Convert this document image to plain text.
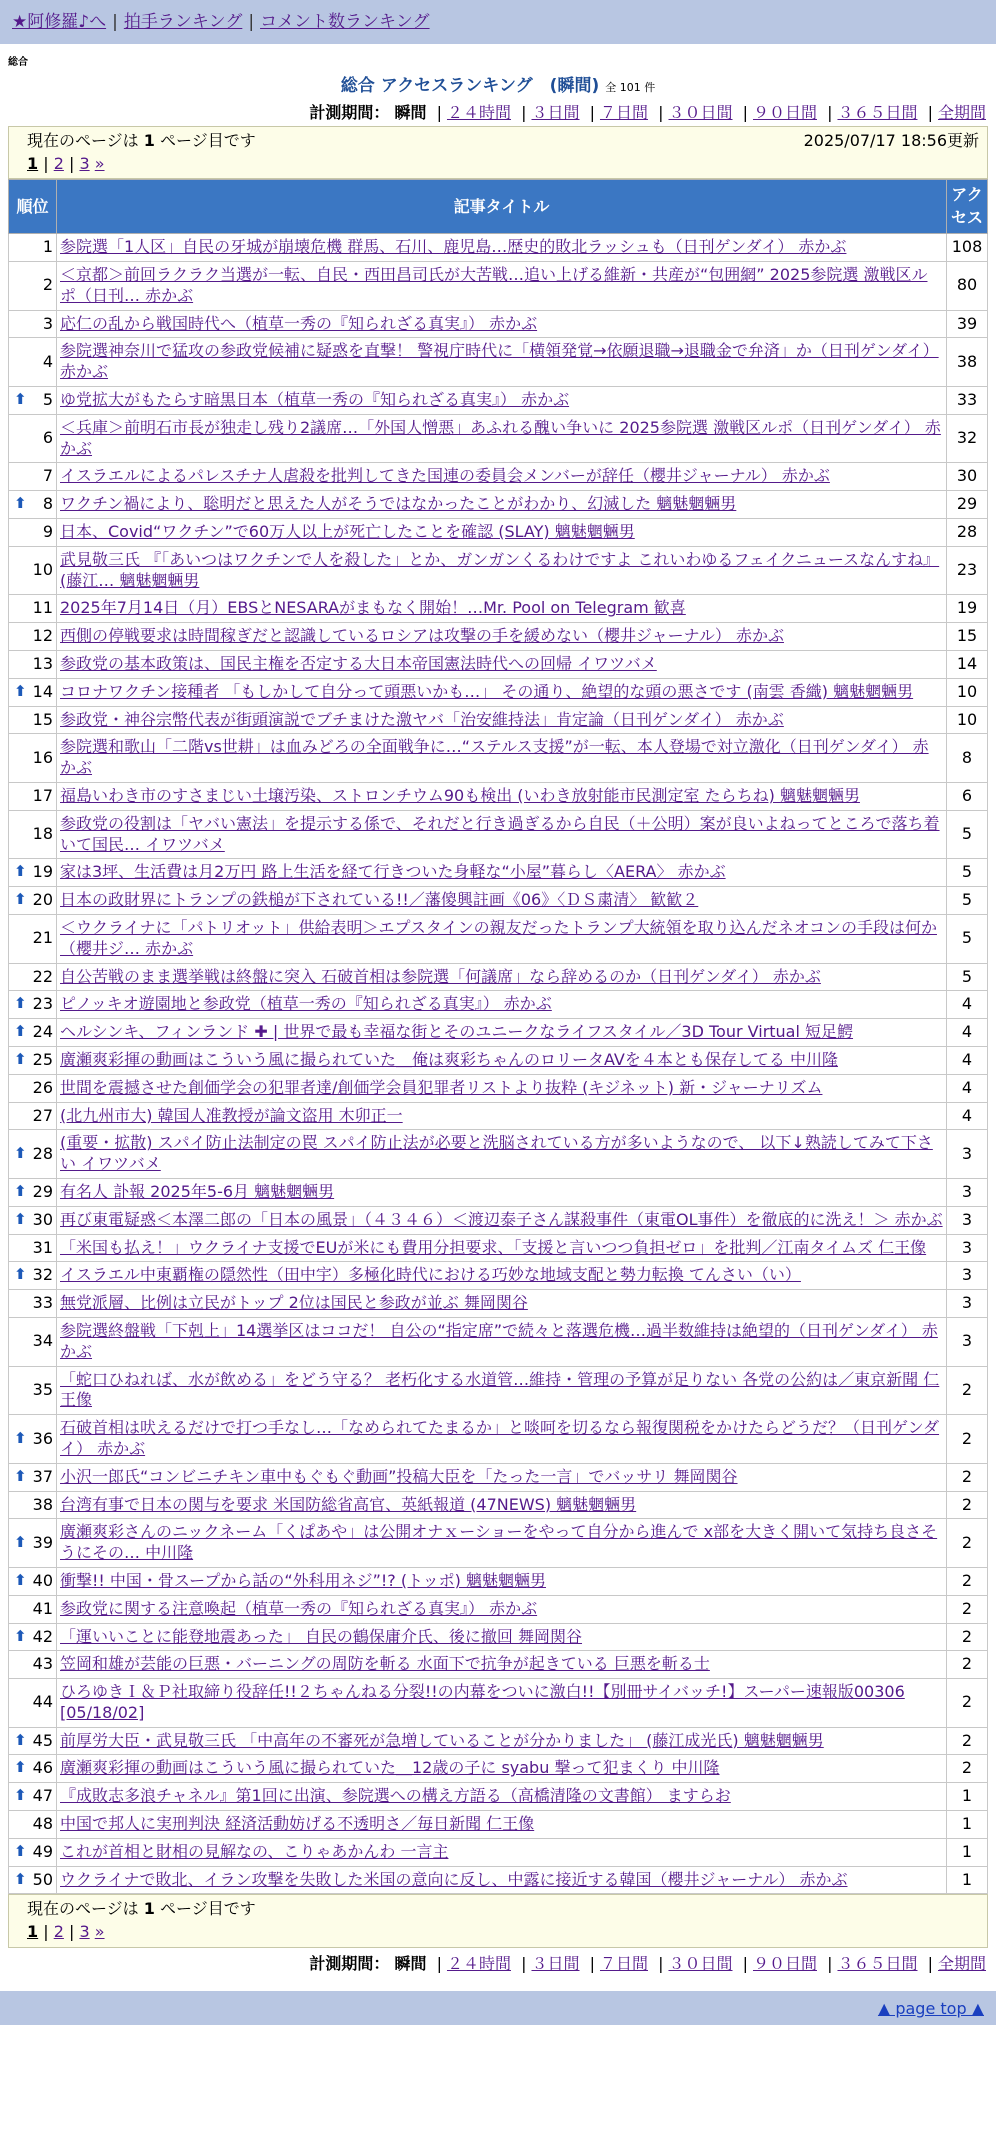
★阿修羅♪へ | 拍手ランキング | コメント数ランキング
総合
総合 アクセスランキング　(瞬間) 全 101 件
計測期間： 瞬間 | ２４時間 | ３日間 | ７日間 | ３０日間 | ９０日間 | ３６５日間 | 全期間
現在のページは 1 ページ目です	2025/07/17 18:56更新
1 | 2 | 3 »
順位	記事タイトル	アクセス
1	参院選「1人区」自民の牙城が崩壊危機 群馬、石川、鹿児島…歴史的敗北ラッシュも（日刊ゲンダイ） 赤かぶ	108
2	＜京都＞前回ラクラク当選が一転、自民・西田昌司氏が大苦戦…追い上げる維新・共産が“包囲網” 2025参院選 激戦区ルポ（日刊… 赤かぶ	80
3	応仁の乱から戦国時代へ（植草一秀の『知られざる真実』） 赤かぶ	39
4	参院選神奈川で猛攻の参政党候補に疑惑を直撃！ 警視庁時代に「横領発覚→依願退職→退職金で弁済」か（日刊ゲンダイ） 赤かぶ	38

⬆ 5	ゆ党拡大がもたらす暗黒日本（植草一秀の『知られざる真実』） 赤かぶ	33
6	＜兵庫＞前明石市長が独走し残り2議席…「外国人憎悪」あふれる醜い争いに 2025参院選 激戦区ルポ（日刊ゲンダイ） 赤かぶ	32
7	イスラエルによるパレスチナ人虐殺を批判してきた国連の委員会メンバーが辞任（櫻井ジャーナル） 赤かぶ	30

⬆ 8	ワクチン禍により、聡明だと思えた人がそうではなかったことがわかり、幻滅した 魑魅魍魎男	29
9	日本、Covid“ワクチン”で60万人以上が死亡したことを確認 (SLAY) 魑魅魍魎男	28
10	武見敬三氏 『「あいつはワクチンで人を殺した」とか、ガンガンくるわけですよ これいわゆるフェイクニュースなんすね』 (藤江… 魑魅魍魎男	23
11	2025年7月14日（月）EBSとNESARAがまもなく開始！…Mr. Pool on Telegram 歓喜	19
12	西側の停戦要求は時間稼ぎだと認識しているロシアは攻撃の手を緩めない（櫻井ジャーナル） 赤かぶ	15
13	参政党の基本政策は、国民主権を否定する大日本帝国憲法時代への回帰 イワツバメ	14

⬆ 14	コロナワクチン接種者 「もしかして自分って頭悪いかも…」 その通り、絶望的な頭の悪さです (南雲 香織) 魑魅魍魎男	10
15	参政党・神谷宗幣代表が街頭演説でブチまけた激ヤバ「治安維持法」肯定論（日刊ゲンダイ） 赤かぶ	10
16	参院選和歌山「二階vs世耕」は血みどろの全面戦争に…“ステルス支援”が一転、本人登場で対立激化（日刊ゲンダイ） 赤かぶ	8
17	福島いわき市のすさまじい土壌汚染、ストロンチウム90も検出 (いわき放射能市民測定室 たらちね) 魑魅魍魎男	6
18	参政党の役割は「ヤバい憲法」を提示する係で、それだと行き過ぎるから自民（＋公明）案が良いよねってところで落ち着いて国民… イワツバメ	5

⬆ 19	家は3坪、生活費は月2万円 路上生活を経て行きついた身軽な“小屋”暮らし〈AERA〉 赤かぶ	5

⬆ 20	日本の政財界にトランプの鉄槌が下されている!!／藩傻興註画《06》〈ＤＳ粛清〉 歓歓２	5
21	＜ウクライナに「パトリオット」供給表明＞エプスタインの親友だったトランプ大統領を取り込んだネオコンの手段は何か（櫻井ジ… 赤かぶ	5
22	自公苦戦のまま選挙戦は終盤に突入 石破首相は参院選「何議席」なら辞めるのか（日刊ゲンダイ） 赤かぶ	5

⬆ 23	ピノッキオ遊園地と参政党（植草一秀の『知られざる真実』） 赤かぶ	4

⬆ 24	ヘルシンキ、フィンランド ✚ | 世界で最も幸福な街とそのユニークなライフスタイル／3D Tour Virtual 短足鰐	4

⬆ 25	廣瀬爽彩揮の動画はこういう風に撮られていた＿俺は爽彩ちゃんのロリータAVを４本とも保存してる 中川隆	4
26	世間を震撼させた創価学会の犯罪者達/創価学会員犯罪者リストより抜粋 (キジネット) 新・ジャーナリズム	4
27	(北九州市大) 韓国人准教授が論文盗用 木卯正一	4

⬆ 28	(重要・拡散) スパイ防止法制定の罠 スパイ防止法が必要と洗脳されている方が多いようなので、 以下↓熟読してみて下さい イワツバメ	3

⬆ 29	有名人 訃報 2025年5-6月 魑魅魍魎男	3

⬆ 30	再び東電疑惑＜本澤二郎の「日本の風景」（４３４６）＜渡辺泰子さん謀殺事件（東電OL事件）を徹底的に洗え！＞ 赤かぶ	3
31	「米国も払え！」ウクライナ支援でEUが米にも費用分担要求、「支援と言いつつ負担ゼロ」を批判／江南タイムズ 仁王像	3

⬆ 32	イスラエル中東覇権の隠然性（田中宇）多極化時代における巧妙な地域支配と勢力転換 てんさい（い）	3
33	無党派層、比例は立民がトップ 2位は国民と参政が並ぶ 舞岡関谷	3
34	参院選終盤戦「下剋上」14選挙区はココだ！ 自公の“指定席”で続々と落選危機…過半数維持は絶望的（日刊ゲンダイ） 赤かぶ	3
35	「蛇口ひねれば、水が飲める」をどう守る？ 老朽化する水道管…維持・管理の予算が足りない 各党の公約は／東京新聞 仁王像	2

⬆ 36	石破首相は吠えるだけで打つ手なし…「なめられてたまるか」と啖呵を切るなら報復関税をかけたらどうだ？（日刊ゲンダイ） 赤かぶ	2

⬆ 37	小沢一郎氏“コンビニチキン車中もぐもぐ動画”投稿大臣を「たった一言」でバッサリ 舞岡関谷	2
38	台湾有事で日本の関与を要求 米国防総省高官、英紙報道 (47NEWS) 魑魅魍魎男	2

⬆ 39	廣瀬爽彩さんのニックネーム「くぱあや」は公開オナｘーショーをやって自分から進んで x部を大きく開いて気持ち良さそうにその… 中川隆	2

⬆ 40	衝撃!! 中国・骨スープから話の“外科用ネジ”!? (トッポ) 魑魅魍魎男	2
41	参政党に関する注意喚起（植草一秀の『知られざる真実』） 赤かぶ	2

⬆ 42	「運いいことに能登地震あった」 自民の鶴保庸介氏、後に撤回 舞岡関谷	2
43	笠岡和雄が芸能の巨悪・バーニングの周防を斬る 水面下で抗争が起きている 巨悪を斬る士	2
44	ひろゆきＩ＆Ｐ社取締り役辞任!!２ちゃんねる分裂!!の内幕をついに激白!!【別冊サイバッチ!】スーパー速報版00306 [05/18/02]	2

⬆ 45	前厚労大臣・武見敬三氏 「中高年の不審死が急増していることが分かりました」 (藤江成光氏) 魑魅魍魎男	2

⬆ 46	廣瀬爽彩揮の動画はこういう風に撮られていた＿12歳の子に syabu 撃って犯まくり 中川隆	2

⬆ 47	『成敗志多浪チャネル』第1回に出演、参院選への構え方語る（高橋清隆の文書館） ますらお	1
48	中国で邦人に実刑判決 経済活動妨げる不透明さ／毎日新聞 仁王像	1

⬆ 49	これが首相と財相の見解なの、こりゃあかんわ 一言主	1

⬆ 50	ウクライナで敗北、イラン攻撃を失敗した米国の意向に反し、中露に接近する韓国（櫻井ジャーナル） 赤かぶ	1
現在のページは 1 ページ目です
1 | 2 | 3 »
計測期間： 瞬間 | ２４時間 | ３日間 | ７日間 | ３０日間 | ９０日間 | ３６５日間 | 全期間
▲ page top ▲
